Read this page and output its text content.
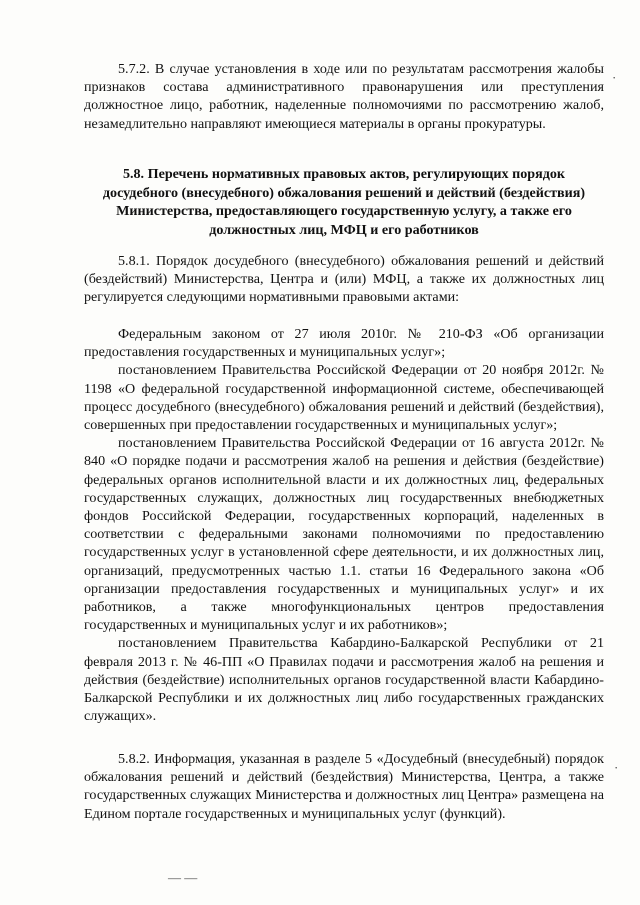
5.7.2. В случае установления в ходе или по результатам рассмотрения жалобы признаков состава административного правонарушения или преступления должностное лицо, работник, наделенные полномочиями по рассмотрению жалоб, незамедлительно направляют имеющиеся материалы в органы прокуратуры.

5.8. Перечень нормативных правовых актов, регулирующих порядок досудебного (внесудебного) обжалования решений и действий (бездействия) Министерства, предоставляющего государственную услугу, а также его должностных лиц, МФЦ и его работников

5.8.1. Порядок досудебного (внесудебного) обжалования решений и действий (бездействий) Министерства, Центра и (или) МФЦ, а также их должностных лиц регулируется следующими нормативными правовыми актами:

Федеральным законом от 27 июля 2010г. № 210-ФЗ «Об организации предоставления государственных и муниципальных услуг»;

постановлением Правительства Российской Федерации от 20 ноября 2012г. № 1198 «О федеральной государственной информационной системе, обеспечивающей процесс досудебного (внесудебного) обжалования решений и действий (бездействия), совершенных при предоставлении государственных и муниципальных услуг»;

постановлением Правительства Российской Федерации от 16 августа 2012г. № 840 «О порядке подачи и рассмотрения жалоб на решения и действия (бездействие) федеральных органов исполнительной власти и их должностных лиц, федеральных государственных служащих, должностных лиц государственных внебюджетных фондов Российской Федерации, государственных корпораций, наделенных в соответствии с федеральными законами полномочиями по предоставлению государственных услуг в установленной сфере деятельности, и их должностных лиц, организаций, предусмотренных частью 1.1. статьи 16 Федерального закона «Об организации предоставления государственных и муниципальных услуг» и их работников, а также многофункциональных центров предоставления государственных и муниципальных услуг и их работников»;

постановлением Правительства Кабардино-Балкарской Республики от 21 февраля 2013 г. № 46-ПП «О Правилах подачи и рассмотрения жалоб на решения и действия (бездействие) исполнительных органов государственной власти Кабардино-Балкарской Республики и их должностных лиц либо государственных гражданских служащих».

5.8.2. Информация, указанная в разделе 5 «Досудебный (внесудебный) порядок обжалования решений и действий (бездействия) Министерства, Центра, а также государственных служащих Министерства и должностных лиц Центра» размещена на Едином портале государственных и муниципальных услуг (функций).

·
·
— —
